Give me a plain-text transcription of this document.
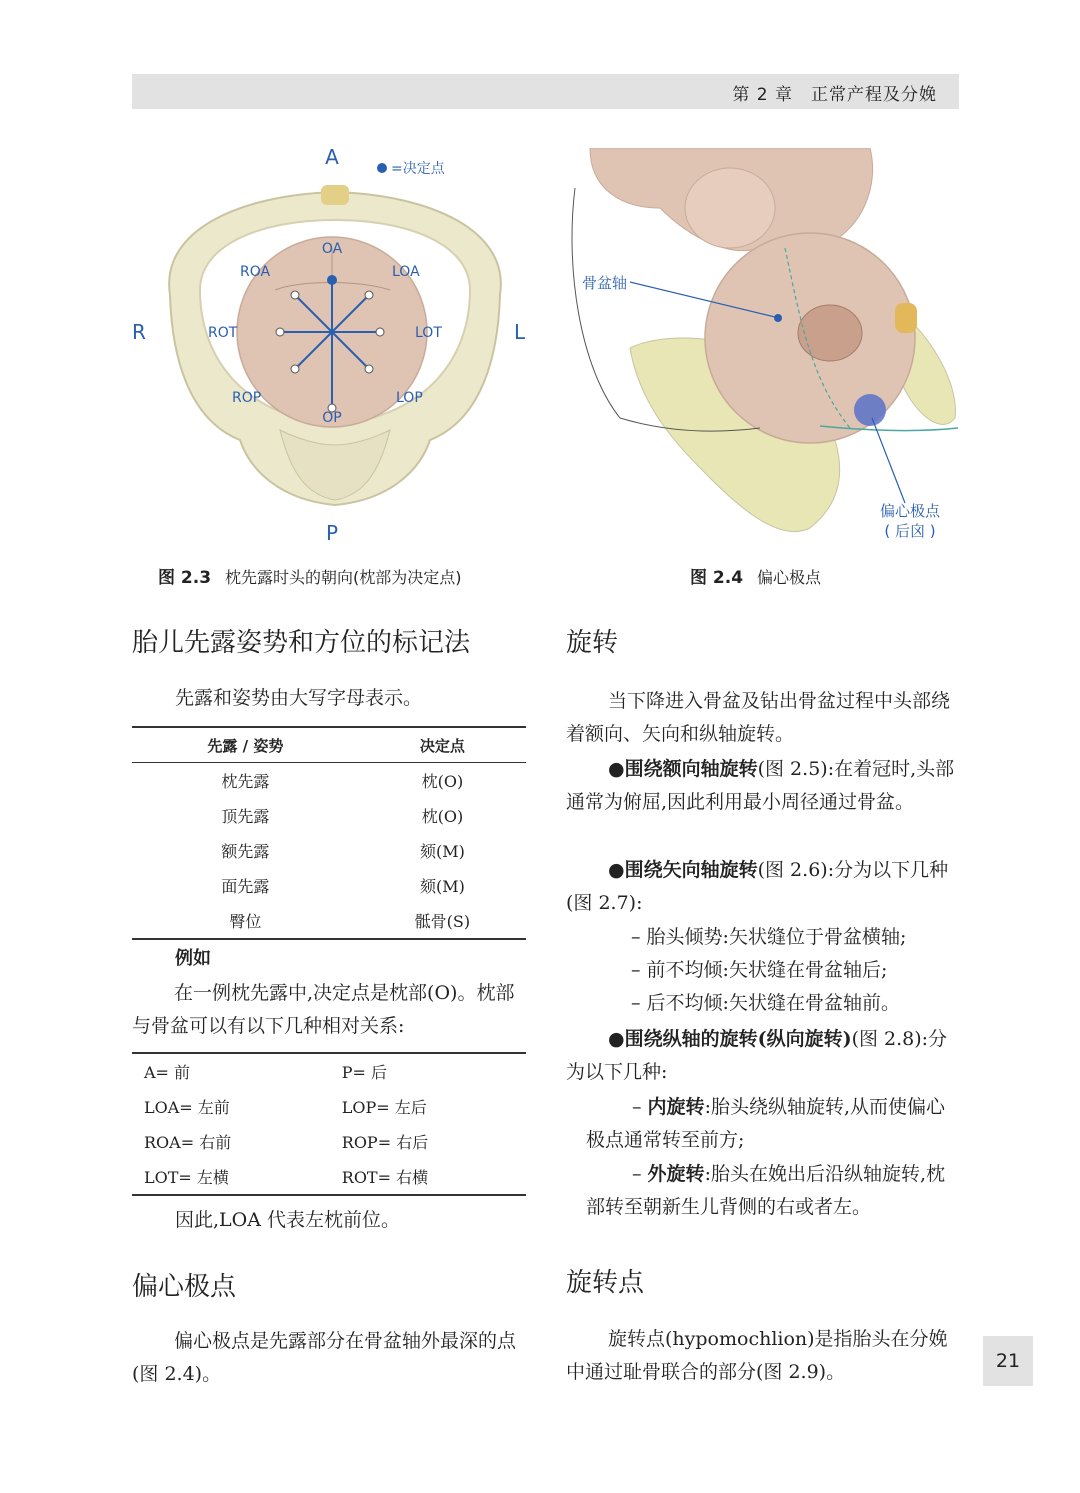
第 2 章　正常产程及分娩
=决定点
A
P
R	L
OA
ROA	LOA
ROT	LOT
ROP	LOP
OP
图 2.3 枕先露时头的朝向(枕部为决定点)
骨盆轴
偏心极点
( 后囟 )
图 2.4 偏心极点
胎儿先露姿势和方位的标记法
先露和姿势由大写字母表示。
先露 / 姿势	决定点
枕先露	枕(O)
顶先露	枕(O)
额先露	颏(M)
面先露	颏(M)
臀位	骶骨(S)
例如
在一例枕先露中,决定点是枕部(O)。枕部与骨盆可以有以下几种相对关系:
A= 前	P= 后
LOA= 左前	LOP= 左后
ROA= 右前	ROP= 右后
LOT= 左横	ROT= 右横
因此,LOA 代表左枕前位。
偏心极点
偏心极点是先露部分在骨盆轴外最深的点(图 2.4)。
旋转
当下降进入骨盆及钻出骨盆过程中头部绕着额向、矢向和纵轴旋转。
●围绕额向轴旋转(图 2.5):在着冠时,头部通常为俯屈,因此利用最小周径通过骨盆。
●围绕矢向轴旋转(图 2.6):分为以下几种(图 2.7):
– 胎头倾势:矢状缝位于骨盆横轴;
– 前不均倾:矢状缝在骨盆轴后;
– 后不均倾:矢状缝在骨盆轴前。
●围绕纵轴的旋转(纵向旋转)(图 2.8):分为以下几种:
– 内旋转:胎头绕纵轴旋转,从而使偏心极点通常转至前方;
– 外旋转:胎头在娩出后沿纵轴旋转,枕部转至朝新生儿背侧的右或者左。
旋转点
旋转点(hypomochlion)是指胎头在分娩中通过耻骨联合的部分(图 2.9)。	21
